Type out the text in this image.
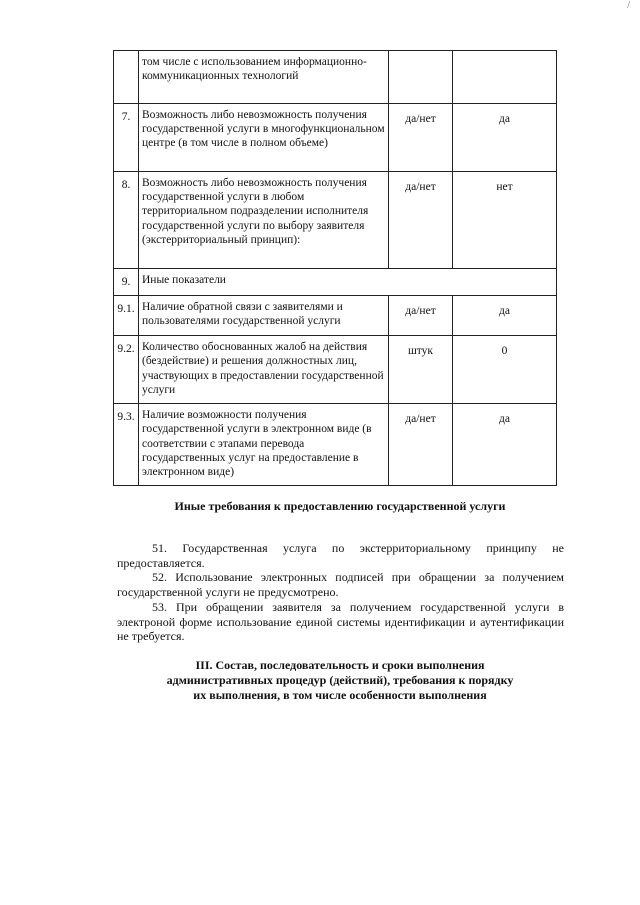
/
	том числе с использованием информационно-коммуникационных технологий		
7.	Возможность либо невозможность получения государственной услуги в многофункциональном центре (в том числе в полном объеме)	да/нет	да
8.	Возможность либо невозможность получения государственной услуги в любом территориальном подразделении исполнителя государственной услуги по выбору заявителя (экстерриториальный принцип):	да/нет	нет
9.	Иные показатели		
9.1.	Наличие обратной связи с заявителями и пользователями государственной услуги	да/нет	да
9.2.	Количество обоснованных жалоб на действия (бездействие) и решения должностных лиц, участвующих в предоставлении государственной услуги	штук	0
9.3.	Наличие возможности получения государственной услуги в электронном виде (в соответствии с этапами перевода государственных услуг на предоставление в электронном виде)	да/нет	да
Иные требования к предоставлению государственной услуги

51. Государственная услуга по экстерриториальному принципу не предоставляется.

52. Использование электронных подписей при обращении за получением государственной услуги не предусмотрено.

53. При обращении заявителя за получением государственной услуги в электроной форме использование единой системы идентификации и аутентификации не требуется.

III. Состав, последовательность и сроки выполнения
административных процедур (действий), требования к порядку
их выполнения, в том числе особенности выполнения
